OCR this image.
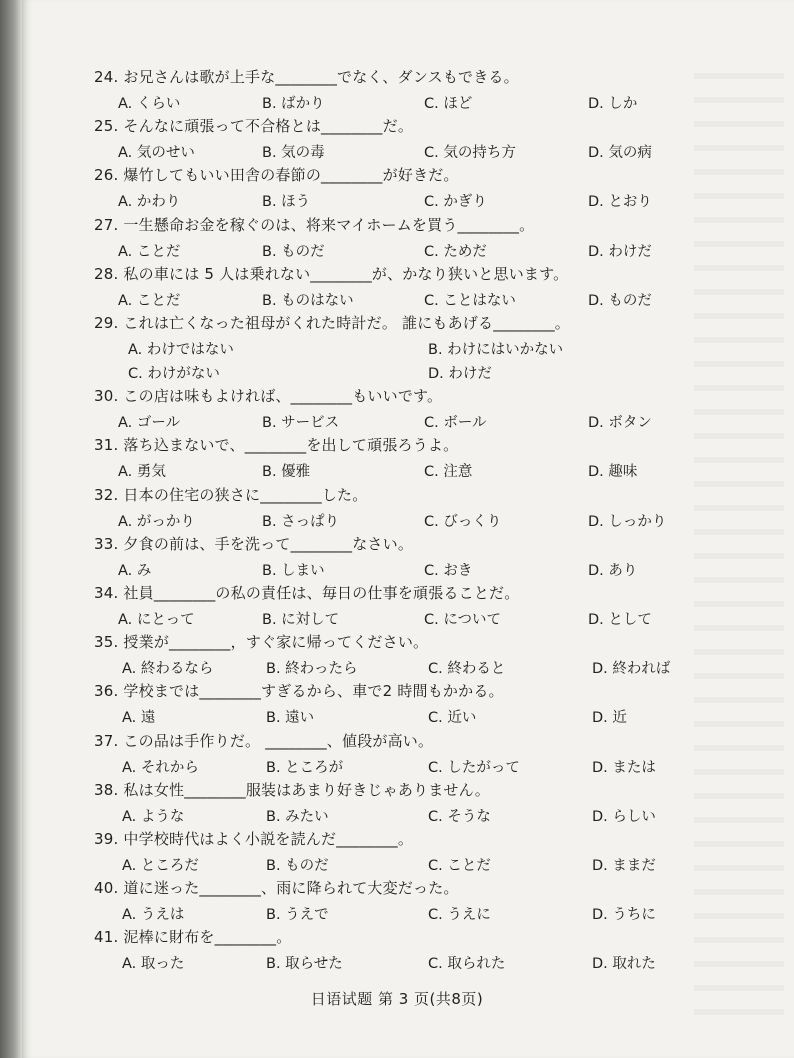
24. お兄さんは歌が上手な________でなく、ダンスもできる。
A. くらい	B. ばかり	C. ほど	D. しか
25. そんなに頑張って不合格とは________だ。
A. 気のせい	B. 気の毒	C. 気の持ち方	D. 気の病
26. 爆竹してもいい田舎の春節の________が好きだ。
A. かわり	B. ほう	C. かぎり	D. とおり
27. 一生懸命お金を稼ぐのは、将来マイホームを買う________。
A. ことだ	B. ものだ	C. ためだ	D. わけだ
28. 私の車には 5 人は乗れない________が、かなり狭いと思います。
A. ことだ	B. ものはない	C. ことはない	D. ものだ
29. これは亡くなった祖母がくれた時計だ。 誰にもあげる________。
A. わけではない	B. わけにはいかない
C. わけがない	D. わけだ
30. この店は味もよければ、________もいいです。
A. ゴール	B. サービス	C. ボール	D. ボタン
31. 落ち込まないで、________を出して頑張ろうよ。
A. 勇気	B. 優雅	C. 注意	D. 趣味
32. 日本の住宅の狭さに________した。
A. がっかり	B. さっぱり	C. びっくり	D. しっかり
33. 夕食の前は、手を洗って________なさい。
A. み	B. しまい	C. おき	D. あり
34. 社員________の私の責任は、毎日の仕事を頑張ることだ。
A. にとって	B. に対して	C. について	D. として
35. 授業が________，すぐ家に帰ってください。
A. 終わるなら	B. 終わったら	C. 終わると	D. 終われば
36. 学校までは________すぎるから、車で2 時間もかかる。
A. 遠	B. 遠い	C. 近い	D. 近
37. この品は手作りだ。 ________、値段が高い。
A. それから	B. ところが	C. したがって	D. または
38. 私は女性________服装はあまり好きじゃありません。
A. ような	B. みたい	C. そうな	D. らしい
39. 中学校時代はよく小説を読んだ________。
A. ところだ	B. ものだ	C. ことだ	D. ままだ
40. 道に迷った________、雨に降られて大変だった。
A. うえは	B. うえで	C. うえに	D. うちに
41. 泥棒に財布を________。
A. 取った	B. 取らせた	C. 取られた	D. 取れた
日语试题 第 3 页(共8页)
